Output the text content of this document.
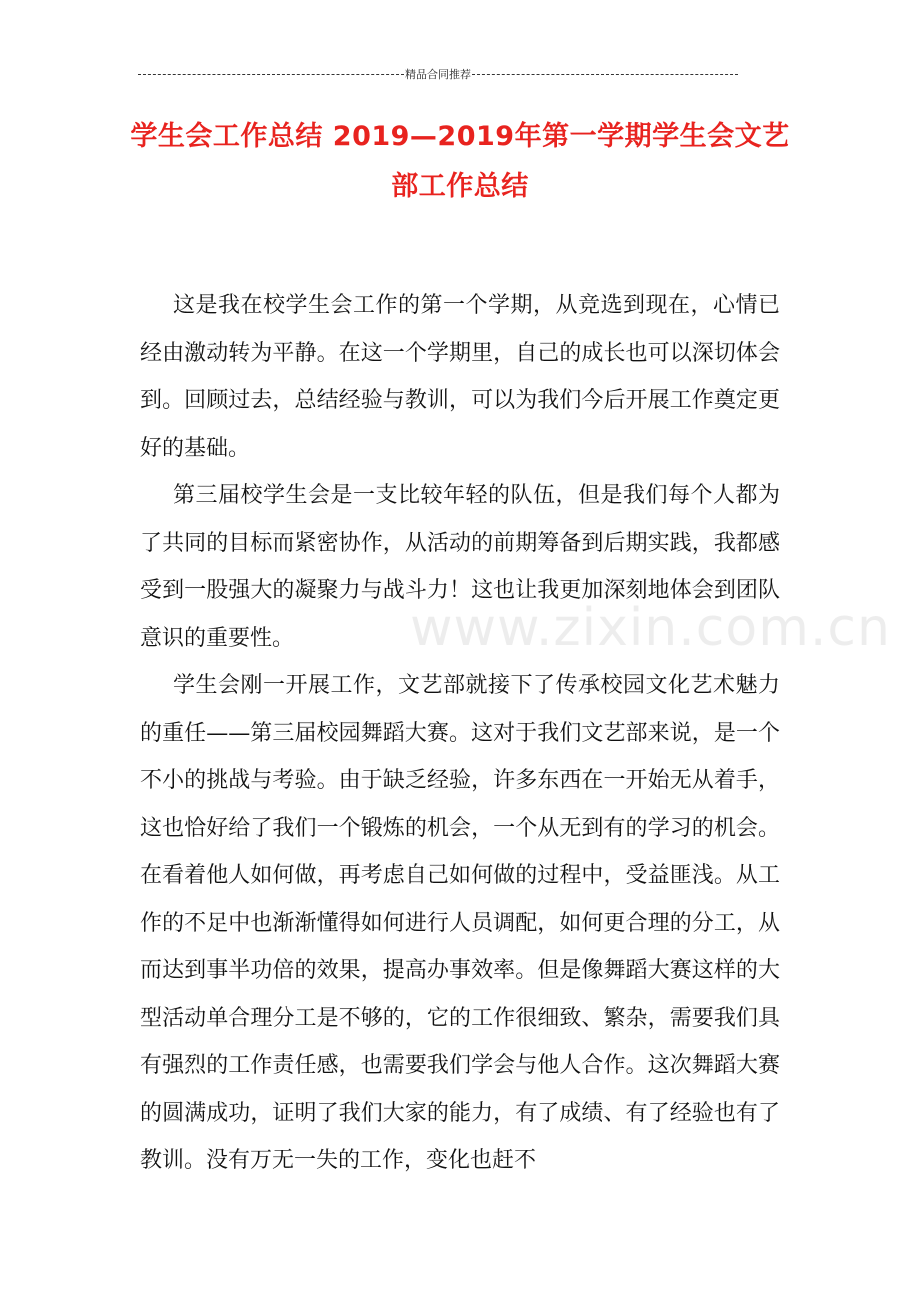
精品合同推荐
学生会工作总结 2019—2019年第一学期学生会文艺部工作总结

这是我在校学生会工作的第一个学期，从竞选到现在，心情已经由激动转为平静。在这一个学期里，自己的成长也可以深切体会到。回顾过去，总结经验与教训，可以为我们今后开展工作奠定更好的基础。

第三届校学生会是一支比较年轻的队伍，但是我们每个人都为了共同的目标而紧密协作，从活动的前期筹备到后期实践，我都感受到一股强大的凝聚力与战斗力！这也让我更加深刻地体会到团队意识的重要性。

学生会刚一开展工作，文艺部就接下了传承校园文化艺术魅力的重任——第三届校园舞蹈大赛。这对于我们文艺部来说，是一个不小的挑战与考验。由于缺乏经验，许多东西在一开始无从着手，这也恰好给了我们一个锻炼的机会，一个从无到有的学习的机会。在看着他人如何做，再考虑自己如何做的过程中，受益匪浅。从工作的不足中也渐渐懂得如何进行人员调配，如何更合理的分工，从而达到事半功倍的效果，提高办事效率。但是像舞蹈大赛这样的大型活动单合理分工是不够的，它的工作很细致、繁杂，需要我们具有强烈的工作责任感，也需要我们学会与他人合作。这次舞蹈大赛的圆满成功，证明了我们大家的能力，有了成绩、有了经验也有了教训。没有万无一失的工作，变化也赶不

www.zixin.com.cn
